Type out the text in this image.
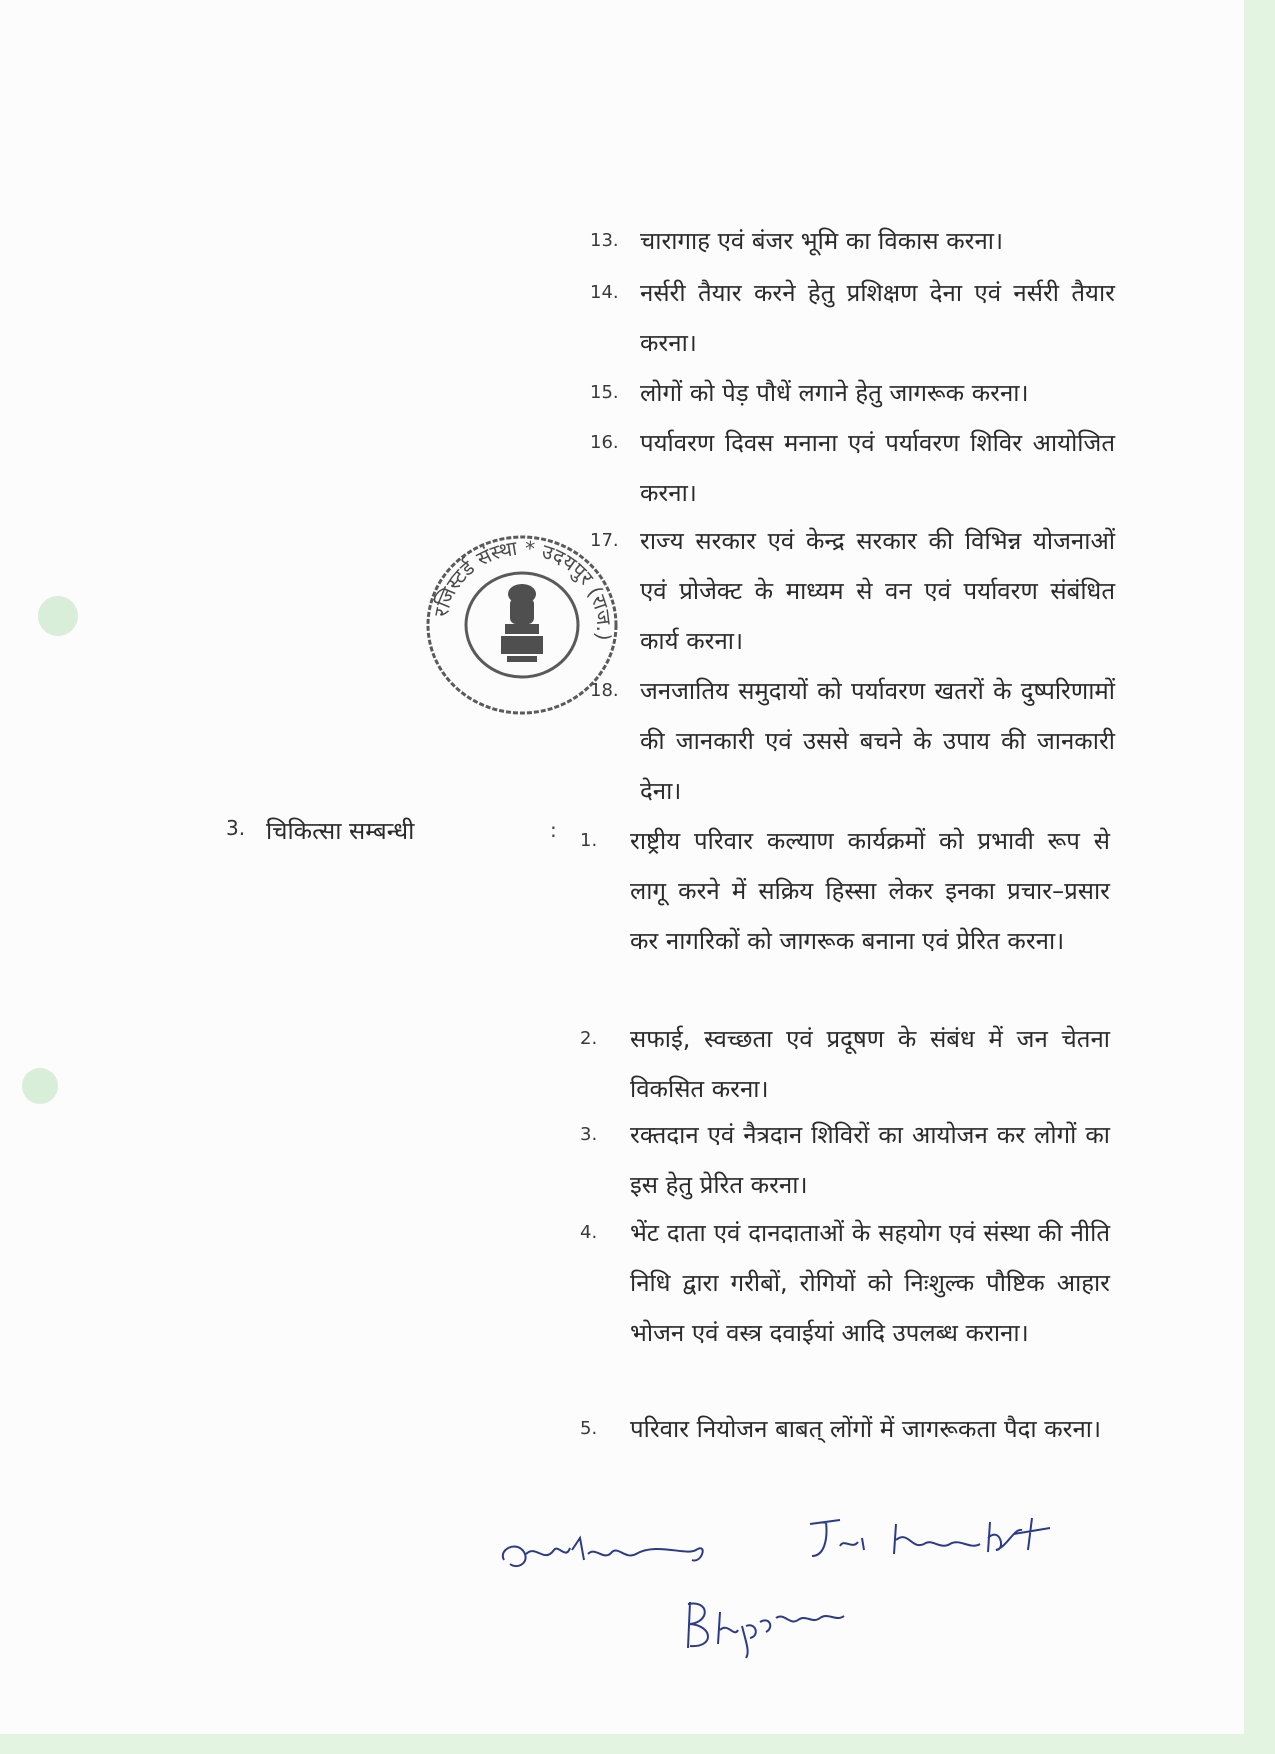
13. चारागाह एवं बंजर भूमि का विकास करना।
14. नर्सरी तैयार करने हेतु प्रशिक्षण देना एवं नर्सरी तैयार करना।
15. लोगों को पेड़ पौधें लगाने हेतु जागरूक करना।
16. पर्यावरण दिवस मनाना एवं पर्यावरण शिविर आयोजित करना।
17. राज्य सरकार एवं केन्द्र सरकार की विभिन्न योजनाओं एवं प्रोजेक्ट के माध्यम से वन एवं पर्यावरण संबंधित कार्य करना।
18. जनजातिय समुदायों को पर्यावरण खतरों के दुष्परिणामों की जानकारी एवं उससे बचने के उपाय की जानकारी देना।
रजिस्टर्ड संस्था * उदयपुर (राज.)
3. चिकित्सा सम्बन्धी	: 1. राष्ट्रीय परिवार कल्याण कार्यक्रमों को प्रभावी रूप से लागू करने में सक्रिय हिस्सा लेकर इनका प्रचार–प्रसार कर नागरिकों को जागरूक बनाना एवं प्रेरित करना।
2. सफाई, स्वच्छता एवं प्रदूषण के संबंध में जन चेतना विकसित करना।
3. रक्तदान एवं नैत्रदान शिविरों का आयोजन कर लोगों का इस हेतु प्रेरित करना।
4. भेंट दाता एवं दानदाताओं के सहयोग एवं संस्था की नीति निधि द्वारा गरीबों, रोगियों को निःशुल्क पौष्टिक आहार भोजन एवं वस्त्र दवाईयां आदि उपलब्ध कराना।
5. परिवार नियोजन बाबत् लोंगों में जागरूकता पैदा करना।
